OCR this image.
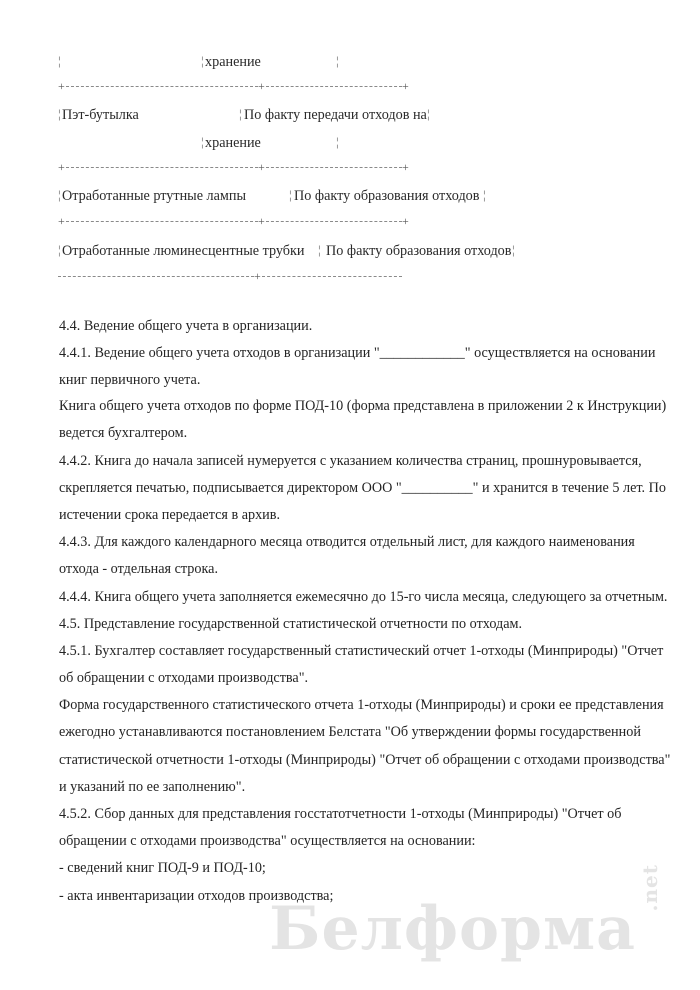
¦	¦ хранение	¦
+	+	+
¦ Пэт-бутылка	¦ По факту передачи отходов на ¦
¦ хранение	¦
+	+	+
¦ Отработанные ртутные лампы	¦ По факту образования отходов ¦
+	+	+
¦ Отработанные люминесцентные трубки ¦ По факту образования отходов ¦
+
4.4. Ведение общего учета в организации.
4.4.1. Ведение общего учета отходов в организации "____________" осуществляется на основании
книг первичного учета.
Книга общего учета отходов по форме ПОД-10 (форма представлена в приложении 2 к Инструкции)
ведется бухгалтером.
4.4.2. Книга до начала записей нумеруется с указанием количества страниц, прошнуровывается,
скрепляется печатью, подписывается директором ООО "__________" и хранится в течение 5 лет. По
истечении срока передается в архив.
4.4.3. Для каждого календарного месяца отводится отдельный лист, для каждого наименования
отхода - отдельная строка.
4.4.4. Книга общего учета заполняется ежемесячно до 15-го числа месяца, следующего за отчетным.
4.5. Представление государственной статистической отчетности по отходам.
4.5.1. Бухгалтер составляет государственный статистический отчет 1-отходы (Минприроды) "Отчет
об обращении с отходами производства".
Форма государственного статистического отчета 1-отходы (Минприроды) и сроки ее представления
ежегодно устанавливаются постановлением Белстата "Об утверждении формы государственной
статистической отчетности 1-отходы (Минприроды) "Отчет об обращении с отходами производства"
и указаний по ее заполнению".
4.5.2. Сбор данных для представления госстатотчетности 1-отходы (Минприроды) "Отчет об
обращении с отходами производства" осуществляется на основании:
- сведений книг ПОД-9 и ПОД-10;
- акта инвентаризации отходов производства;
Белформа.net
